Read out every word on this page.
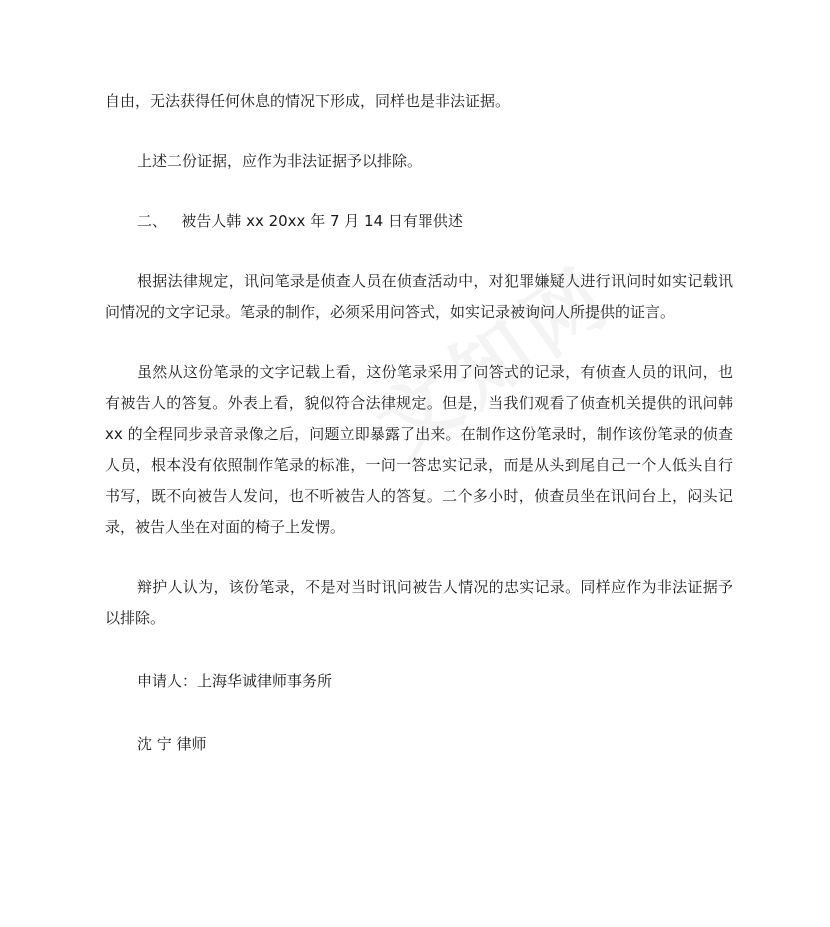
自由，无法获得任何休息的情况下形成，同样也是非法证据。

上述二份证据，应作为非法证据予以排除。

二、   被告人韩 xx 20xx 年 7 月 14 日有罪供述

根据法律规定，讯问笔录是侦查人员在侦查活动中，对犯罪嫌疑人进行讯问时如实记载讯问情况的文字记录。笔录的制作，必须采用问答式，如实记录被询问人所提供的证言。

虽然从这份笔录的文字记载上看，这份笔录采用了问答式的记录，有侦查人员的讯问，也有被告人的答复。外表上看，貌似符合法律规定。但是，当我们观看了侦查机关提供的讯问韩 xx 的全程同步录音录像之后，问题立即暴露了出来。在制作这份笔录时，制作该份笔录的侦查人员，根本没有依照制作笔录的标准，一问一答忠实记录，而是从头到尾自己一个人低头自行书写，既不向被告人发问，也不听被告人的答复。二个多小时，侦查员坐在讯问台上，闷头记录，被告人坐在对面的椅子上发愣。

辩护人认为，该份笔录，不是对当时讯问被告人情况的忠实记录。同样应作为非法证据予以排除。

申请人：上海华诚律师事务所

沈 宁 律师
